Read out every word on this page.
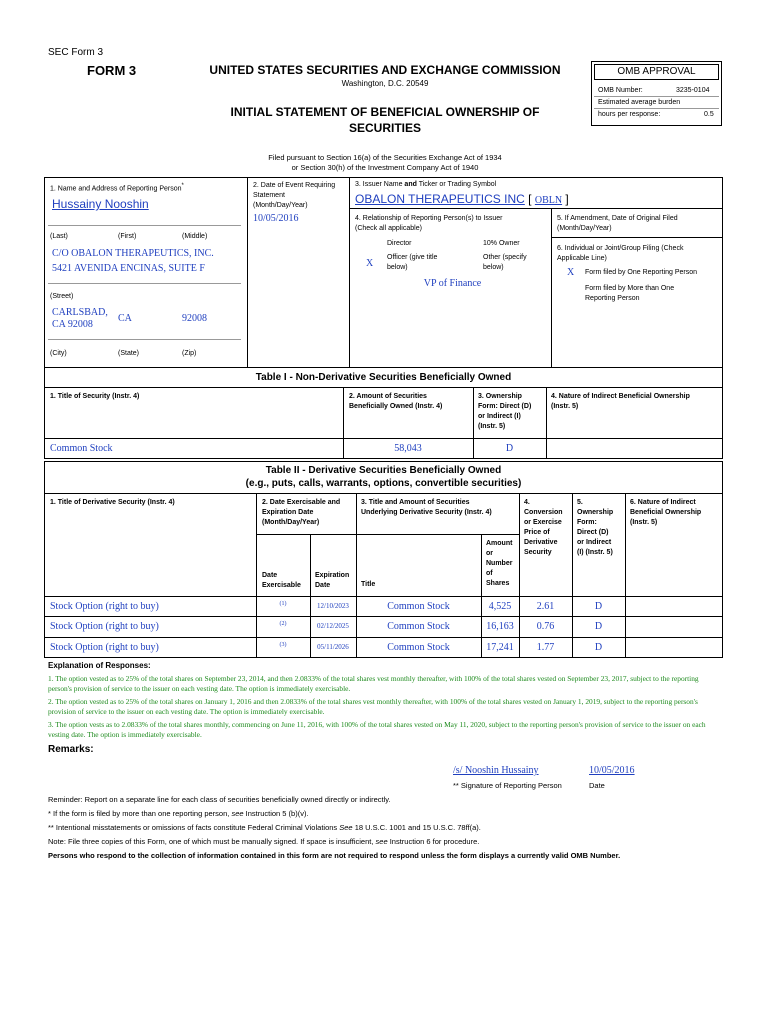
SEC Form 3
FORM 3	UNITED STATES SECURITIES AND EXCHANGE COMMISSION
Washington, D.C. 20549
INITIAL STATEMENT OF BENEFICIAL OWNERSHIP OF
SECURITIES
Filed pursuant to Section 16(a) of the Securities Exchange Act of 1934
or Section 30(h) of the Investment Company Act of 1940
OMB APPROVAL
OMB Number:	3235-0104
Estimated average burden
hours per response:	0.5
1. Name and Address of Reporting Person*
Hussainy Nooshin
(Last)	(First)	(Middle)
C/O OBALON THERAPEUTICS, INC.
5421 AVENIDA ENCINAS, SUITE F
(Street)
CARLSBAD,
CA 92008
CA	92008
(City)	(State)	(Zip)
2. Date of Event Requiring
Statement
(Month/Day/Year)
10/05/2016
3. Issuer Name and Ticker or Trading Symbol
OBALON THERAPEUTICS INC [ OBLN ]
4. Relationship of Reporting Person(s) to Issuer
(Check all applicable)
Director	10% Owner
X
Officer (give title
below)
Other (specify
below)
VP of Finance
5. If Amendment, Date of Original Filed
(Month/Day/Year)
6. Individual or Joint/Group Filing (Check
Applicable Line)
X Form filed by One Reporting Person
Form filed by More than One
Reporting Person
Table I - Non-Derivative Securities Beneficially Owned
1. Title of Security (Instr. 4)	2. Amount of Securities
Beneficially Owned (Instr. 4)
3. Ownership
Form: Direct (D)
or Indirect (I)
(Instr. 5)
4. Nature of Indirect Beneficial Ownership
(Instr. 5)
Common Stock	58,043	D
Table II - Derivative Securities Beneficially Owned
(e.g., puts, calls, warrants, options, convertible securities)
1. Title of Derivative Security (Instr. 4)	2. Date Exercisable and
Expiration Date
(Month/Day/Year)
3. Title and Amount of Securities
Underlying Derivative Security (Instr. 4)
4.
Conversion
or Exercise
Price of
Derivative
Security
5.
Ownership
Form:
Direct (D)
or Indirect
(I) (Instr. 5)
6. Nature of Indirect
Beneficial Ownership
(Instr. 5)
Date
Exercisable
Expiration
Date	Title
Amount
or
Number
of
Shares
Stock Option (right to buy)	(1)	12/10/2023	Common Stock	4,525	2.61	D
Stock Option (right to buy)	(2)	02/12/2025	Common Stock	16,163	0.76	D
Stock Option (right to buy)	(3)	05/11/2026	Common Stock	17,241	1.77	D
Explanation of Responses:
1. The option vested as to 25% of the total shares on September 23, 2014, and then 2.0833% of the total shares vest monthly thereafter, with 100% of the total shares vested on September 23, 2017, subject to the reporting person's provision of service to the issuer on each vesting date. The option is immediately exercisable.
2. The option vested as to 25% of the total shares on January 1, 2016 and then 2.0833% of the total shares vest monthly thereafter, with 100% of the total shares vested on January 1, 2019, subject to the reporting person's provision of service to the issuer on each vesting date. The option is immediately exercisable.
3. The option vests as to 2.0833% of the total shares monthly, commencing on June 11, 2016, with 100% of the total shares vested on May 11, 2020, subject to the reporting person's provision of service to the issuer on each vesting date. The option is immediately exercisable.
Remarks:
/s/ Nooshin Hussainy	10/05/2016
** Signature of Reporting Person	Date
Reminder: Report on a separate line for each class of securities beneficially owned directly or indirectly.
* If the form is filed by more than one reporting person, see Instruction 5 (b)(v).
** Intentional misstatements or omissions of facts constitute Federal Criminal Violations See 18 U.S.C. 1001 and 15 U.S.C. 78ff(a).
Note: File three copies of this Form, one of which must be manually signed. If space is insufficient, see Instruction 6 for procedure.
Persons who respond to the collection of information contained in this form are not required to respond unless the form displays a currently valid OMB Number.
